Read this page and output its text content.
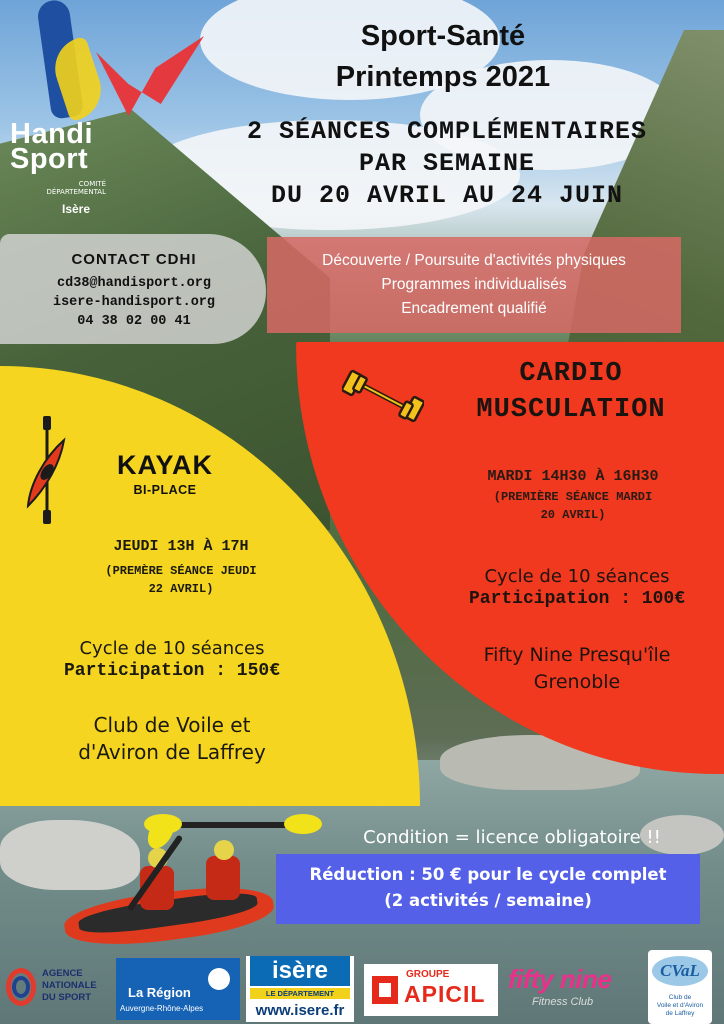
Handi
Sport
COMITÉ
DÉPARTEMENTAL
Isère
Sport-Santé
Printemps 2021
2 SÉANCES COMPLÉMENTAIRES
PAR SEMAINE
DU 20 AVRIL AU 24 JUIN
CONTACT CDHI
cd38@handisport.org
isere-handisport.org
04 38 02 00 41
Découverte / Poursuite d'activités physiques
Programmes individualisés
Encadrement qualifié
CARDIO
MUSCULATION
MARDI 14H30 À 16H30
(PREMIÈRE SÉANCE MARDI
20 AVRIL)
Cycle de 10 séances
Participation : 100€
Fifty Nine Presqu'île
Grenoble
KAYAK
BI-PLACE
JEUDI 13H À 17H
(PREMÈRE SÉANCE JEUDI
22 AVRIL)
Cycle de 10 séances
Participation : 150€
Club de Voile et
d'Aviron de Laffrey
Condition = licence obligatoire !!
Réduction : 50 € pour le cycle complet
(2 activités / semaine)
AGENCE
NATIONALE
DU SPORT	La Région
Auvergne-Rhône-Alpes
isère
LE DÉPARTEMENT
www.isere.fr
GROUPE
APICIL fifty nine
Fitness Club
CVaL
Club de
Voile et d'Aviron
de Laffrey
